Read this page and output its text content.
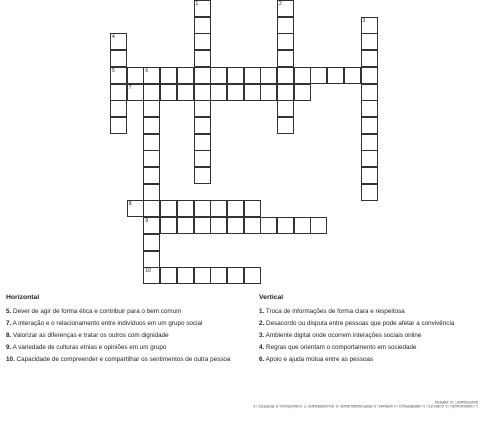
1	2
3
4
5	6
9
10
7
8
Horizontal
5. Dever de agir de forma ética e contribuir para o bem comum
7. A interação e o relacionamento entre indivíduos em um grupo social
8. Valorizar as diferenças e tratar os outros com dignidade
9. A variedade de culturas etnias e opiniões em um grupo
10. Capacidade de compreender e compartilhar os sentimentos de outra pessoa
Vertical
1. Troca de informações de forma clara e respeitosa
2. Desacordo ou disputa entre pessoas que pode afetar a convivência
3. Ambiente digital onde ocorrem interações sociais online
4. Regras que orientam o comportamento em sociedade
6. Apoio e ajuda mútua entre as pessoas
1. COMUNICAÇÃO / 2. CONFLITO / 3. CIBERESPAÇO / 4. NORMAS / 5. RESPONSABILIDADE / 6. SOLIDARIEDADE / 7. CONVIVÊNCIA / 8. RESPEITO / 9. DIVERSIDADE / 10. EMPATIA
